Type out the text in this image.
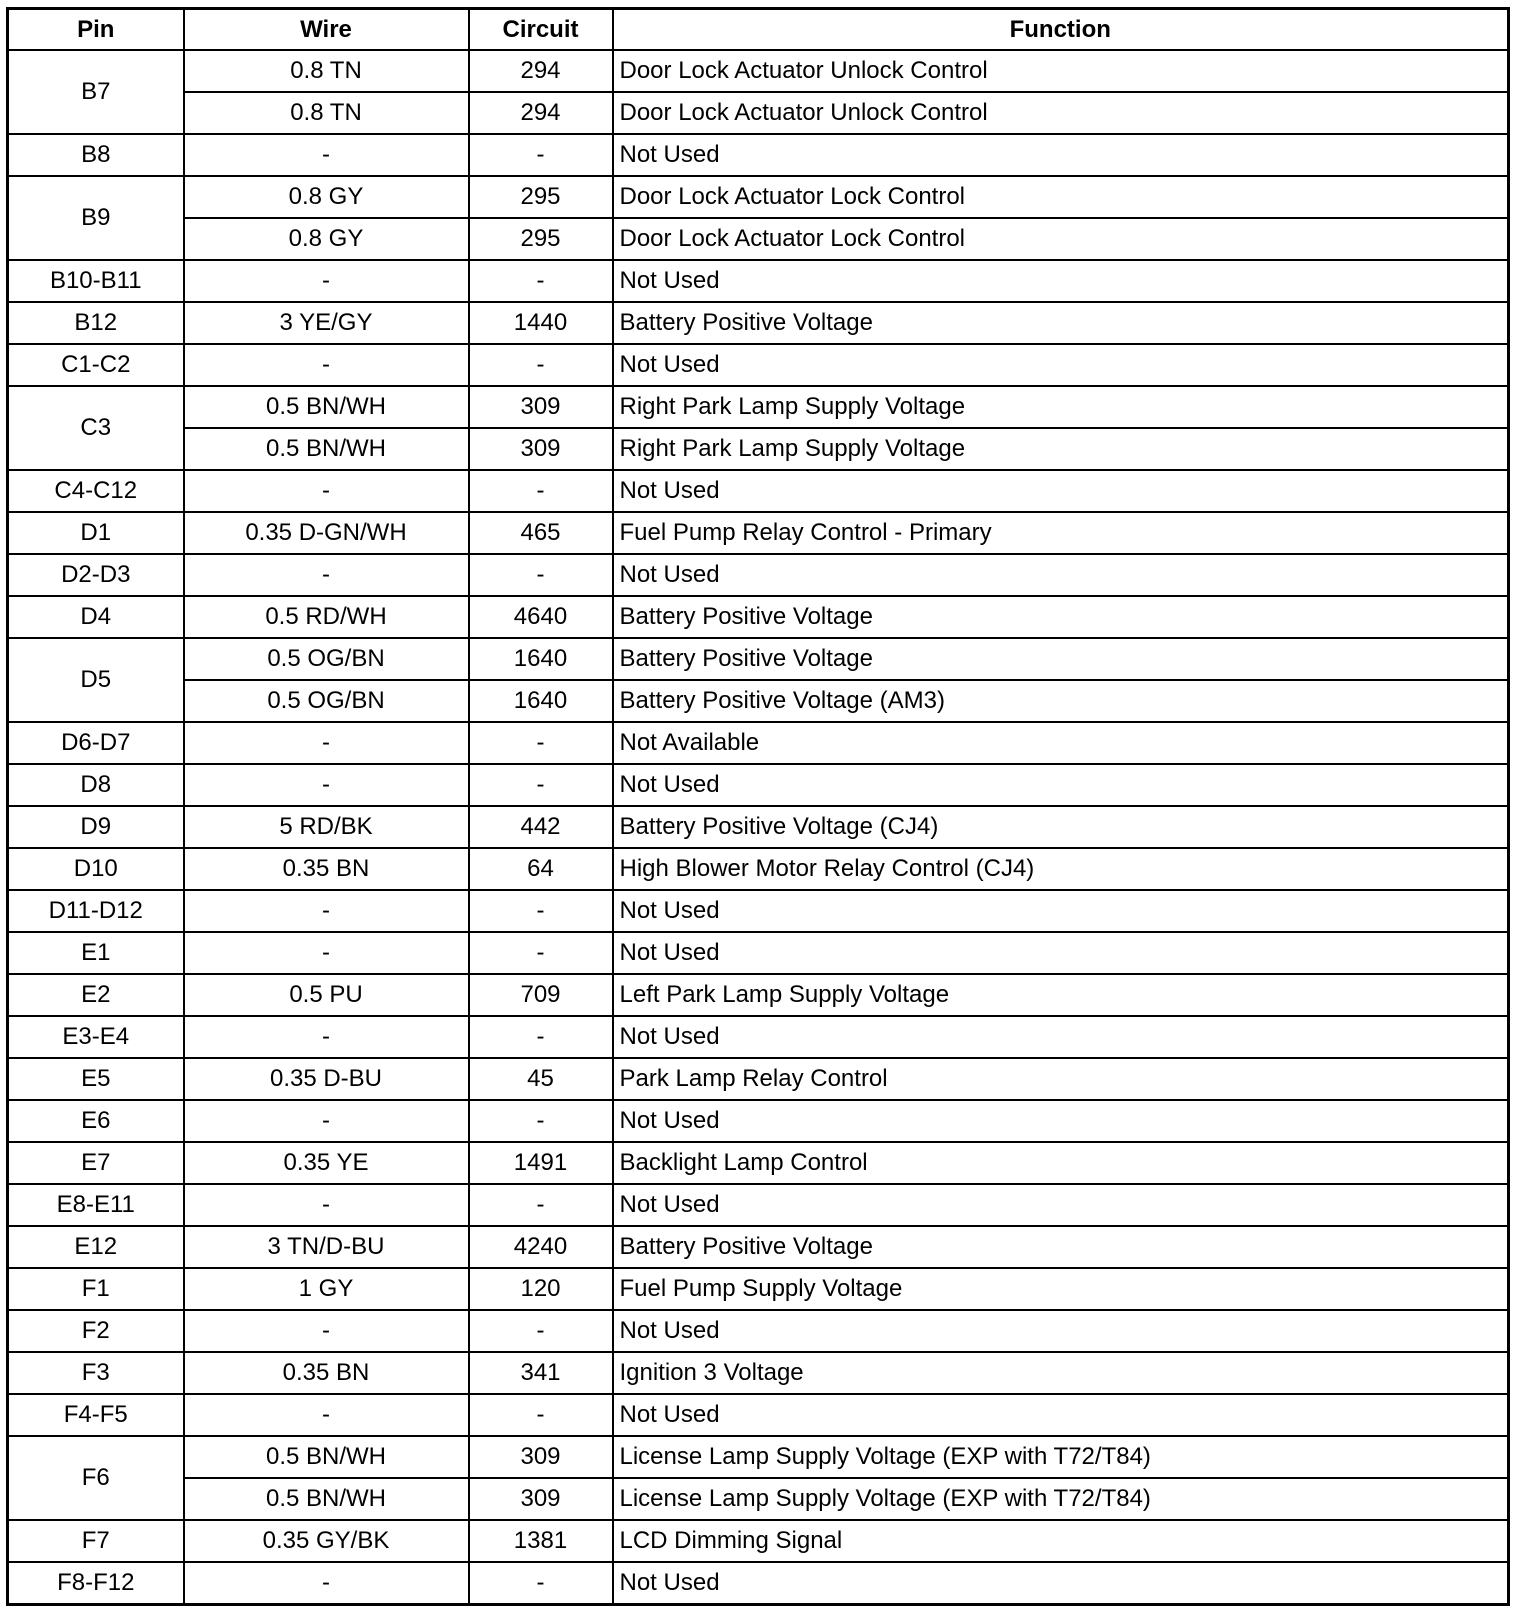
Pin	Wire	Circuit	Function
B7	0.8 TN	294	Door Lock Actuator Unlock Control
	0.8 TN	294	Door Lock Actuator Unlock Control
B8	-	-	Not Used
B9	0.8 GY	295	Door Lock Actuator Lock Control
	0.8 GY	295	Door Lock Actuator Lock Control
B10-B11	-	-	Not Used
B12	3 YE/GY	1440	Battery Positive Voltage
C1-C2	-	-	Not Used
C3	0.5 BN/WH	309	Right Park Lamp Supply Voltage
	0.5 BN/WH	309	Right Park Lamp Supply Voltage
C4-C12	-	-	Not Used
D1	0.35 D-GN/WH	465	Fuel Pump Relay Control - Primary
D2-D3	-	-	Not Used
D4	0.5 RD/WH	4640	Battery Positive Voltage
D5	0.5 OG/BN	1640	Battery Positive Voltage
	0.5 OG/BN	1640	Battery Positive Voltage (AM3)
D6-D7	-	-	Not Available
D8	-	-	Not Used
D9	5 RD/BK	442	Battery Positive Voltage (CJ4)
D10	0.35 BN	64	High Blower Motor Relay Control (CJ4)
D11-D12	-	-	Not Used
E1	-	-	Not Used
E2	0.5 PU	709	Left Park Lamp Supply Voltage
E3-E4	-	-	Not Used
E5	0.35 D-BU	45	Park Lamp Relay Control
E6	-	-	Not Used
E7	0.35 YE	1491	Backlight Lamp Control
E8-E11	-	-	Not Used
E12	3 TN/D-BU	4240	Battery Positive Voltage
F1	1 GY	120	Fuel Pump Supply Voltage
F2	-	-	Not Used
F3	0.35 BN	341	Ignition 3 Voltage
F4-F5	-	-	Not Used
F6	0.5 BN/WH	309	License Lamp Supply Voltage (EXP with T72/T84)
	0.5 BN/WH	309	License Lamp Supply Voltage (EXP with T72/T84)
F7	0.35 GY/BK	1381	LCD Dimming Signal
F8-F12	-	-	Not Used
